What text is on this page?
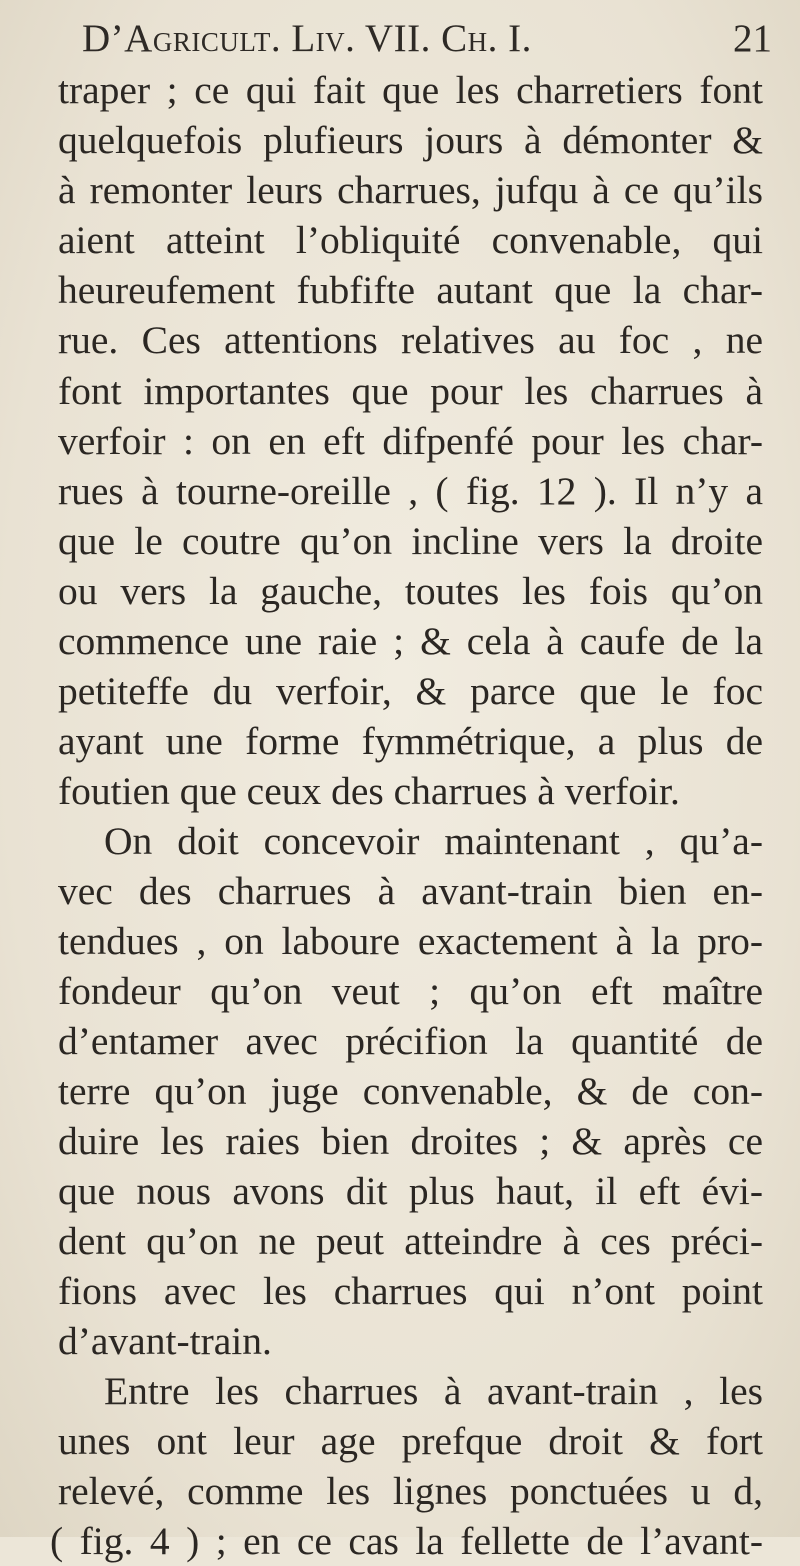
D’Agricult. Liv. VII. Ch. I.	21
traper ; ce qui fait que les charretiers font
quelquefois plufieurs jours à démonter &
à remonter leurs charrues, jufqu à ce qu’ils
aient atteint l’obliquité convenable, qui
heureufement fubfifte autant que la char-
rue. Ces attentions relatives au foc , ne
font importantes que pour les charrues à
verfoir : on en eft difpenfé pour les char-
rues à tourne-oreille , ( fig. 12 ). Il n’y a
que le coutre qu’on incline vers la droite
ou vers la gauche, toutes les fois qu’on
commence une raie ; & cela à caufe de la
petiteffe du verfoir, & parce que le foc
ayant une forme fymmétrique, a plus de
foutien que ceux des charrues à verfoir.
On doit concevoir maintenant , qu’a-
vec des charrues à avant-train bien en-
tendues , on laboure exactement à la pro-
fondeur qu’on veut ; qu’on eft maître
d’entamer avec précifion la quantité de
terre qu’on juge convenable, & de con-
duire les raies bien droites ; & après ce
que nous avons dit plus haut, il eft évi-
dent qu’on ne peut atteindre à ces préci-
fions avec les charrues qui n’ont point
d’avant-train.
Entre les charrues à avant-train , les
unes ont leur age prefque droit & fort
relevé, comme les lignes ponctuées u d,
( fig. 4 ) ; en ce cas la fellette de l’avant-
